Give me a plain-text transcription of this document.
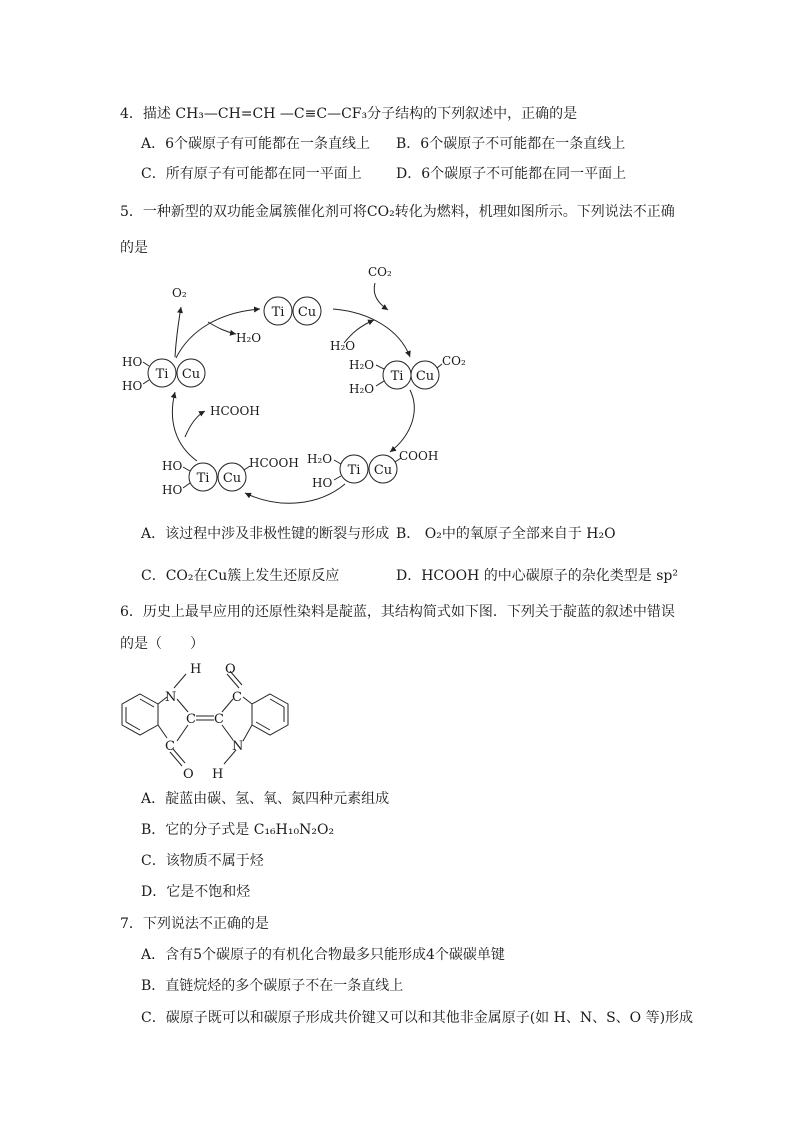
4．描述 CH₃—CH=CH —C≡C—CF₃分子结构的下列叙述中，正确的是
A．6个碳原子有可能都在一条直线上 B．6个碳原子不可能都在一条直线上
C．所有原子有可能都在同一平面上 D．6个碳原子不可能都在同一平面上
5．一种新型的双功能金属簇催化剂可将CO₂转化为燃料，机理如图所示。下列说法不正确
的是
Ti Cu
Ti Cu	Ti Cu
Ti Cu
Ti Cu
O₂
H₂O
HO
HO
CO₂
H₂O
H₂O
H₂O
CO₂
HCOOH
H₂O
HO
COOH
HO
HO
HCOOH
H
N
O
C
C C
C	N
O H
A．该过程中涉及非极性键的断裂与形成 B． O₂中的氧原子全部来自于 H₂O
C．CO₂在Cu簇上发生还原反应	D．HCOOH 的中心碳原子的杂化类型是 sp²
6．历史上最早应用的还原性染料是靛蓝，其结构简式如下图．下列关于靛蓝的叙述中错误
的是（　　）
A．靛蓝由碳、氢、氧、氮四种元素组成
B．它的分子式是 C₁₆H₁₀N₂O₂
C．该物质不属于烃
D．它是不饱和烃
7．下列说法不正确的是
A．含有5个碳原子的有机化合物最多只能形成4个碳碳单键
B．直链烷烃的多个碳原子不在一条直线上
C．碳原子既可以和碳原子形成共价键又可以和其他非金属原子(如 H、N、S、O 等)形成
